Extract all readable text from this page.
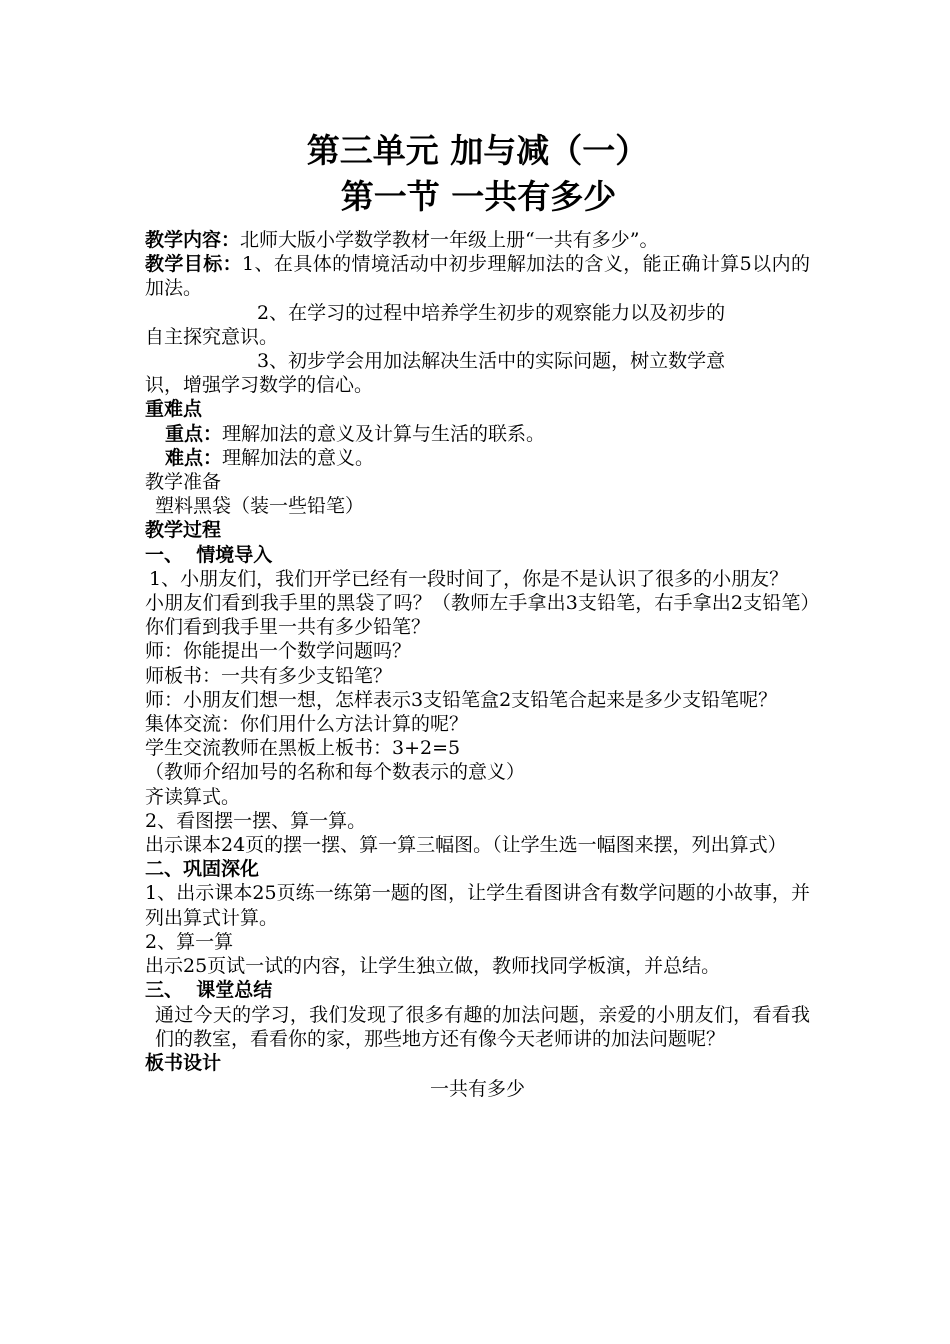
第三单元 加与减（一）
第一节 一共有多少

教学内容：北师大版小学数学教材一年级上册“一共有多少”。

教学目标：1、在具体的情境活动中初步理解加法的含义，能正确计算5以内的加法。

2、在学习的过程中培养学生初步的观察能力以及初步的

自主探究意识。

3、初步学会用加法解决生活中的实际问题，树立数学意

识，增强学习数学的信心。

重难点

重点：理解加法的意义及计算与生活的联系。

难点：理解加法的意义。

教学准备

塑料黑袋（装一些铅笔）

教学过程

一、  情境导入

1、小朋友们，我们开学已经有一段时间了，你是不是认识了很多的小朋友？

小朋友们看到我手里的黑袋了吗？（教师左手拿出3支铅笔，右手拿出2支铅笔）你们看到我手里一共有多少铅笔？

师：你能提出一个数学问题吗？

师板书：一共有多少支铅笔？

师：小朋友们想一想，怎样表示3支铅笔盒2支铅笔合起来是多少支铅笔呢？

集体交流：你们用什么方法计算的呢？

学生交流教师在黑板上板书：3+2=5

（教师介绍加号的名称和每个数表示的意义）

齐读算式。

2、看图摆一摆、算一算。

出示课本24页的摆一摆、算一算三幅图。（让学生选一幅图来摆，列出算式）

二、巩固深化

1、出示课本25页练一练第一题的图，让学生看图讲含有数学问题的小故事，并列出算式计算。

2、算一算

出示25页试一试的内容，让学生独立做，教师找同学板演，并总结。

三、  课堂总结

通过今天的学习，我们发现了很多有趣的加法问题，亲爱的小朋友们，看看我们的教室，看看你的家，那些地方还有像今天老师讲的加法问题呢？

板书设计

一共有多少
